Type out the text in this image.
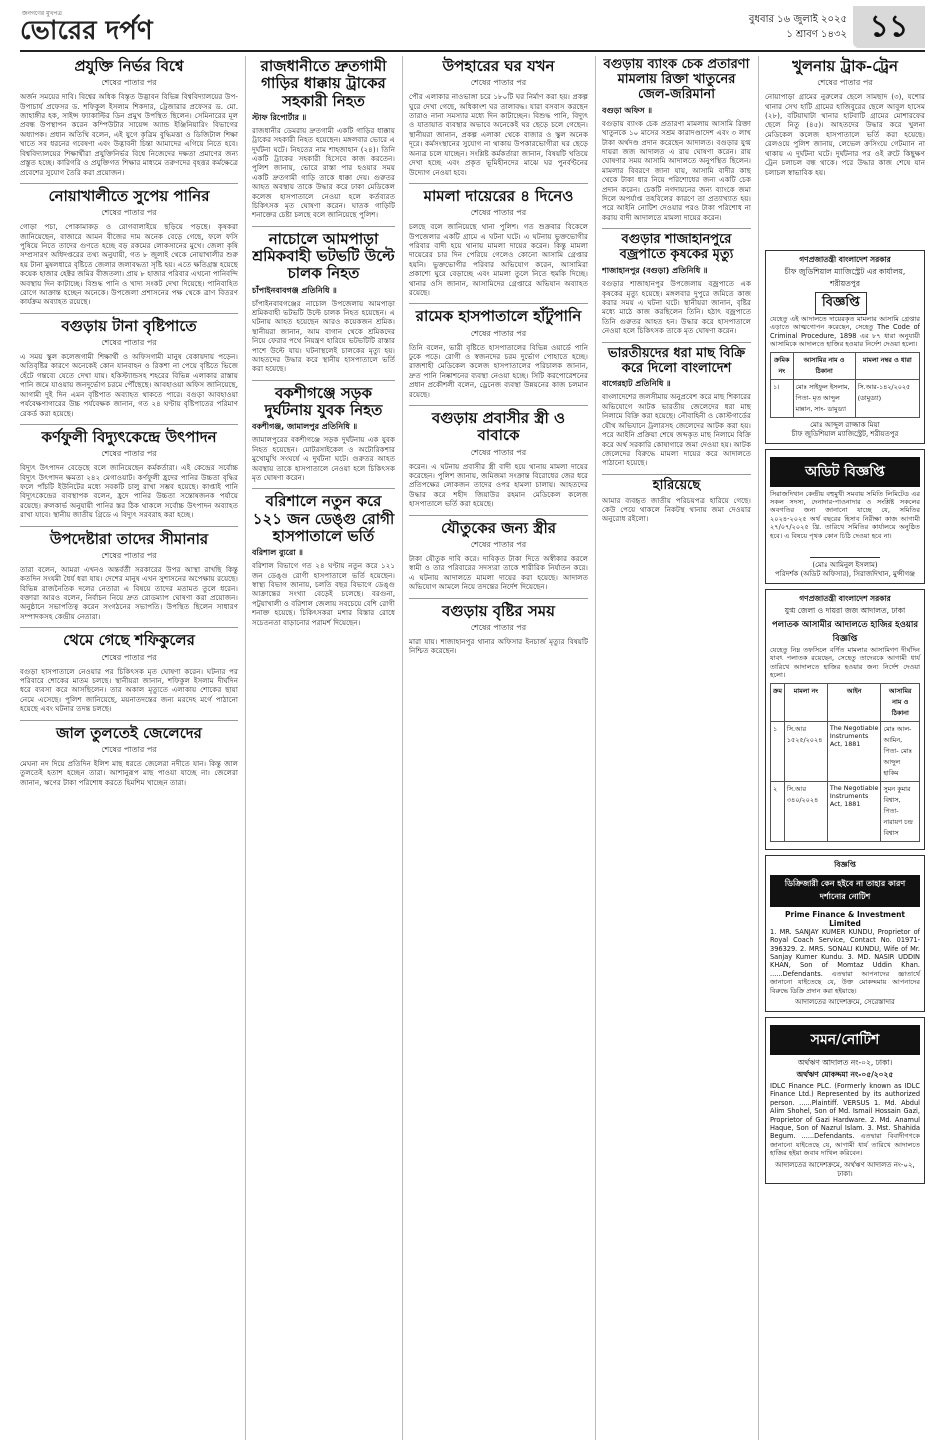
জনগণের মুখপত্র
ভোরের দর্পণ	বুধবার ১৬ জুলাই ২০২৫
১ শ্রাবণ ১৪৩২ ১১
প্রযুক্তি নির্ভর বিশ্বে
শেষের পাতার পর
অর্জন সময়ের দাবি। বিশ্বের অধিক বিস্তৃত উদ্ভাবন বিভিন্ন বিশ্ববিদ্যালয়ের উপ-উপাচার্য প্রফেসর ড. শফিকুল ইসলাম শিকদার, ট্রেজারার প্রফেসর ড. মো. জাহাঙ্গীর হক, সাইন্স ফ্যাকাল্টির ডিন প্রমুখ উপস্থিত ছিলেন। সেমিনারের মূল প্রবন্ধ উপস্থাপন করেন কম্পিউটার সায়েন্স অ্যান্ড ইঞ্জিনিয়ারিং বিভাগের অধ্যাপক। প্রধান অতিথি বলেন, এই যুগে কৃত্রিম বুদ্ধিমত্তা ও ডিজিটাল শিক্ষা খাতে সব ধরনের গবেষণা এবং উদ্ভাবনী চিন্তা আমাদের এগিয়ে নিতে হবে। বিশ্ববিদ্যালয়ের শিক্ষার্থীরা প্রযুক্তিনির্ভর বিশ্বে নিজেদের দক্ষতা প্রমাণের জন্য প্রস্তুত হচ্ছে। কারিগরি ও প্রযুক্তিগত শিক্ষার মাধ্যমে তরুণদের বৃহত্তর কর্মক্ষেত্রে প্রবেশের সুযোগ তৈরি করা প্রয়োজন।
নোয়াখালীতে সুপেয় পানির
শেষের পাতার পর
গোড়া পচা, পোকামাকড় ও রোগবালাইয়ে ছড়িয়ে পড়ছে। কৃষকরা জানিয়েছেন, বাজারে আমন বীজের দাম অনেক বেড়ে গেছে, ফলে ফসি পুষিয়ে নিতে তাদের গুণতে হচ্ছে বড় রকমের লোকসানের মুখে। জেলা কৃষি সম্প্রসারণ অধিদপ্তরের তথ্য অনুযায়ী, গত ৮ জুলাই থেকে নোয়াখালীর শুরু হয় টানা মুষলধারে বৃষ্টিতে জেলার জলাবদ্ধতা সৃষ্টি হয়। এতে ক্ষতিগ্রস্ত হয়েছে কয়েক হাজার হেক্টর জমির বীজতলা। প্রায় ৮ হাজার পরিবার এখনো পানিবন্দি অবস্থায় দিন কাটাচ্ছে। বিশুদ্ধ পানি ও খাদ্য সংকট দেখা দিয়েছে। পানিবাহিত রোগে আক্রান্ত হচ্ছেন অনেকে। উপজেলা প্রশাসনের পক্ষ থেকে ত্রাণ বিতরণ কার্যক্রম অব্যাহত রয়েছে।
বগুড়ায় টানা বৃষ্টিপাতে
শেষের পাতার পর
এ সময় স্কুল কলেজগামী শিক্ষার্থী ও অফিসগামী মানুষ বেকায়দায় পড়েন। অতিবৃষ্টির কারণে অনেকেই কোন যানবাহন ও রিকশা না পেয়ে বৃষ্টিতে ভিজে হেঁটে গন্তব্যে যেতে দেখা যায়। হকিস্ট্যান্ডসহ শহরের বিভিন্ন এলাকার রাস্তায় পানি জমে যাওয়ায় জনদুর্ভোগ চরমে পৌঁছেছে। আবহাওয়া অফিস জানিয়েছে, আগামী দুই দিন এমন বৃষ্টিপাত অব্যাহত থাকতে পারে। বগুড়া আবহাওয়া পর্যবেক্ষণাগারের উচ্চ পর্যবেক্ষক জানান, গত ২৪ ঘণ্টায় বৃষ্টিপাতের পরিমাণ রেকর্ড করা হয়েছে।
কর্ণফুলী বিদ্যুৎকেন্দ্রে উৎপাদন
শেষের পাতার পর
বিদ্যুৎ উৎপাদন বেড়েছে বলে জানিয়েছেন কর্মকর্তারা। এই কেন্দ্রের সর্বোচ্চ বিদ্যুৎ উৎপাদন ক্ষমতা ২৪২ মেগাওয়াট। কর্ণফুলী হ্রদের পানির উচ্চতা বৃদ্ধির ফলে পাঁচটি ইউনিটের মধ্যে সবকটি চালু রাখা সম্ভব হয়েছে। কাপ্তাই পানি বিদ্যুৎকেন্দ্রের ব্যবস্থাপক বলেন, হ্রদে পানির উচ্চতা সন্তোষজনক পর্যায়ে রয়েছে। রুলকার্ভ অনুযায়ী পানির স্তর ঠিক থাকলে সর্বোচ্চ উৎপাদন অব্যাহত রাখা যাবে। স্থানীয় জাতীয় গ্রিডে এ বিদ্যুৎ সরবরাহ করা হচ্ছে।
উপদেষ্টারা তাদের সীমানার
শেষের পাতার পর
তারা বলেন, আমরা এখনও অন্তর্বর্তী সরকারের উপর আস্থা রাখছি কিন্তু কতদিন সংযমী ধৈর্য ধরা যায়। দেশের মানুষ এখন সুশাসনের অপেক্ষায় রয়েছে। বিভিন্ন রাজনৈতিক দলের নেতারা এ বিষয়ে তাদের মতামত তুলে ধরেন। বক্তারা আরও বলেন, নির্বাচন নিয়ে দ্রুত রোডম্যাপ ঘোষণা করা প্রয়োজন। অনুষ্ঠানে সভাপতিত্ব করেন সংগঠনের সভাপতি। উপস্থিত ছিলেন সাধারণ সম্পাদকসহ কেন্দ্রীয় নেতারা।
থেমে গেছে শফিকুলের
শেষের পাতার পর
বগুড়া হাসপাতালে নেওয়ার পর চিকিৎসক মৃত ঘোষণা করেন। ঘটনার পর পরিবারে শোকের মাতম চলছে। স্থানীয়রা জানান, শফিকুল ইসলাম দীর্ঘদিন ধরে ব্যবসা করে আসছিলেন। তার অকাল মৃত্যুতে এলাকায় শোকের ছায়া নেমে এসেছে। পুলিশ জানিয়েছে, ময়নাতদন্তের জন্য মরদেহ মর্গে পাঠানো হয়েছে এবং ঘটনার তদন্ত চলছে।
জাল তুলতেই জেলেদের
শেষের পাতার পর
মেঘনা নদ দিয়ে প্রতিদিন ইলিশ মাছ ধরতে জেলেরা নদীতে যান। কিন্তু জাল তুলতেই হতাশ হচ্ছেন তারা। আশানুরূপ মাছ পাওয়া যাচ্ছে না। জেলেরা জানান, ঋণের টাকা পরিশোধ করতে হিমশিম খাচ্ছেন তারা।
রাজধানীতে দ্রুতগামী গাড়ির ধাক্কায় ট্রাকের সহকারী নিহত
স্টাফ রিপোর্টার ॥
রাজধানীর ডেমরায় দ্রুতগামী একটি গাড়ির ধাক্কায় ট্রাকের সহকারী নিহত হয়েছেন। মঙ্গলবার ভোরে এ দুর্ঘটনা ঘটে। নিহতের নাম শাহজাহান (২৪)। তিনি একটি ট্রাকের সহকারী হিসেবে কাজ করতেন। পুলিশ জানায়, ভোরে রাস্তা পার হওয়ার সময় একটি দ্রুতগামী গাড়ি তাকে ধাক্কা দেয়। গুরুতর আহত অবস্থায় তাকে উদ্ধার করে ঢাকা মেডিকেল কলেজ হাসপাতালে নেওয়া হলে কর্তব্যরত চিকিৎসক মৃত ঘোষণা করেন। ঘাতক গাড়িটি শনাক্তের চেষ্টা চলছে বলে জানিয়েছে পুলিশ।
নাচোলে আমপাড়া শ্রমিকবাহী ভটভটি উল্টে চালক নিহত
চাঁপাইনবাবগঞ্জ প্রতিনিধি ॥
চাঁপাইনবাবগঞ্জের নাচোল উপজেলায় আমপাড়া শ্রমিকবাহী ভটভটি উল্টে চালক নিহত হয়েছেন। এ ঘটনায় আহত হয়েছেন আরও কয়েকজন শ্রমিক। স্থানীয়রা জানান, আম বাগান থেকে শ্রমিকদের নিয়ে ফেরার পথে নিয়ন্ত্রণ হারিয়ে ভটভটিটি রাস্তার পাশে উল্টে যায়। ঘটনাস্থলেই চালকের মৃত্যু হয়। আহতদের উদ্ধার করে স্থানীয় হাসপাতালে ভর্তি করা হয়েছে।
বকশীগঞ্জে সড়ক দুর্ঘটনায় যুবক নিহত
বকশীগঞ্জ, জামালপুর প্রতিনিধি ॥
জামালপুরের বকশীগঞ্জে সড়ক দুর্ঘটনায় এক যুবক নিহত হয়েছেন। মোটরসাইকেল ও অটোরিকশার মুখোমুখি সংঘর্ষে এ দুর্ঘটনা ঘটে। গুরুতর আহত অবস্থায় তাকে হাসপাতালে নেওয়া হলে চিকিৎসক মৃত ঘোষণা করেন।
বরিশালে নতুন করে ১২১ জন ডেঙ্গু রোগী হাসপাতালে ভর্তি
বরিশাল ব্যুরো ॥
বরিশাল বিভাগে গত ২৪ ঘণ্টায় নতুন করে ১২১ জন ডেঙ্গু রোগী হাসপাতালে ভর্তি হয়েছেন। স্বাস্থ্য বিভাগ জানায়, চলতি বছর বিভাগে ডেঙ্গু আক্রান্তের সংখ্যা বেড়েই চলেছে। বরগুনা, পটুয়াখালী ও বরিশাল জেলায় সবচেয়ে বেশি রোগী শনাক্ত হয়েছে। চিকিৎসকরা মশার বিস্তার রোধে সচেতনতা বাড়ানোর পরামর্শ দিয়েছেন।
উপহারের ঘর যখন
শেষের পাতার পর
পৌর এলাকার নাওভাঙ্গা চরে ১৮০টি ঘর নির্মাণ করা হয়। প্রকল্প ঘুরে দেখা গেছে, অধিকাংশ ঘর তালাবদ্ধ। যারা বসবাস করছেন তারাও নানা সমস্যার মধ্যে দিন কাটাচ্ছেন। বিশুদ্ধ পানি, বিদ্যুৎ ও যাতায়াত ব্যবস্থার অভাবে অনেকেই ঘর ছেড়ে চলে গেছেন। স্থানীয়রা জানান, প্রকল্প এলাকা থেকে বাজার ও স্কুল অনেক দূরে। কর্মসংস্থানের সুযোগ না থাকায় উপকারভোগীরা ঘর ছেড়ে অন্যত্র চলে যাচ্ছেন। সংশ্লিষ্ট কর্মকর্তারা জানান, বিষয়টি খতিয়ে দেখা হচ্ছে এবং প্রকৃত ভূমিহীনদের মাঝে ঘর পুনর্বণ্টনের উদ্যোগ নেওয়া হবে।
মামলা দায়েরের ৪ দিনেও
শেষের পাতার পর
চলছে বলে জানিয়েছে থানা পুলিশ। গত শুক্রবার বিকেলে উপজেলার একটি গ্রামে এ ঘটনা ঘটে। এ ঘটনায় ভুক্তভোগীর পরিবার বাদী হয়ে থানায় মামলা দায়ের করেন। কিন্তু মামলা দায়েরের চার দিন পেরিয়ে গেলেও কোনো আসামি গ্রেপ্তার হয়নি। ভুক্তভোগীর পরিবার অভিযোগ করেন, আসামিরা প্রকাশ্যে ঘুরে বেড়াচ্ছে এবং মামলা তুলে নিতে হুমকি দিচ্ছে। থানার ওসি জানান, আসামিদের গ্রেপ্তারে অভিযান অব্যাহত রয়েছে।
রামেক হাসপাতালে হাঁটুপানি
শেষের পাতার পর
তিনি বলেন, ভারী বৃষ্টিতে হাসপাতালের বিভিন্ন ওয়ার্ডে পানি ঢুকে পড়ে। রোগী ও স্বজনদের চরম দুর্ভোগ পোহাতে হচ্ছে। রাজশাহী মেডিকেল কলেজ হাসপাতালের পরিচালক জানান, দ্রুত পানি নিষ্কাশনের ব্যবস্থা নেওয়া হচ্ছে। সিটি করপোরেশনের প্রধান প্রকৌশলী বলেন, ড্রেনেজ ব্যবস্থা উন্নয়নের কাজ চলমান রয়েছে।
বগুড়ায় প্রবাসীর স্ত্রী ও বাবাকে
শেষের পাতার পর
করেন। এ ঘটনায় প্রবাসীর স্ত্রী বাদী হয়ে থানায় মামলা দায়ের করেছেন। পুলিশ জানায়, জমিজমা সংক্রান্ত বিরোধের জের ধরে প্রতিপক্ষের লোকজন তাদের ওপর হামলা চালায়। আহতদের উদ্ধার করে শহীদ জিয়াউর রহমান মেডিকেল কলেজ হাসপাতালে ভর্তি করা হয়েছে।
যৌতুকের জন্য স্ত্রীর
শেষের পাতার পর
টাকা যৌতুক দাবি করে। দাবিকৃত টাকা দিতে অস্বীকার করলে স্বামী ও তার পরিবারের সদস্যরা তাকে শারীরিক নির্যাতন করে। এ ঘটনায় আদালতে মামলা দায়ের করা হয়েছে। আদালত অভিযোগ আমলে নিয়ে তদন্তের নির্দেশ দিয়েছেন।
বগুড়ায় বৃষ্টির সময়
শেষের পাতার পর
মারা যায়। শাজাহানপুর থানার অফিসার ইনচার্জ মৃত্যুর বিষয়টি নিশ্চিত করেছেন।
বগুড়ায় ব্যাংক চেক প্রতারণা মামলায় রিক্তা খাতুনের জেল-জরিমানা
বগুড়া অফিস ॥
বগুড়ায় ব্যাংক চেক প্রতারণা মামলায় আসামি রিক্তা খাতুনকে ১০ মাসের সশ্রম কারাদণ্ডাদেশ এবং ৩ লাখ টাকা অর্থদণ্ড প্রদান করেছেন আদালত। বগুড়ার যুগ্ম দায়রা জজ আদালত এ রায় ঘোষণা করেন। রায় ঘোষণার সময় আসামি আদালতে অনুপস্থিত ছিলেন। মামলার বিবরণে জানা যায়, আসামি বাদীর কাছ থেকে টাকা ধার নিয়ে পরিশোধের জন্য একটি চেক প্রদান করেন। চেকটি নগদায়নের জন্য ব্যাংকে জমা দিলে অপর্যাপ্ত তহবিলের কারণে তা প্রত্যাখ্যাত হয়। পরে আইনি নোটিশ দেওয়ার পরও টাকা পরিশোধ না করায় বাদী আদালতে মামলা দায়ের করেন।
বগুড়ার শাজাহানপুরে বজ্রপাতে কৃষকের মৃত্যু
শাজাহানপুর (বগুড়া) প্রতিনিধি ॥
বগুড়ার শাজাহানপুর উপজেলায় বজ্রপাতে এক কৃষকের মৃত্যু হয়েছে। মঙ্গলবার দুপুরে জমিতে কাজ করার সময় এ ঘটনা ঘটে। স্থানীয়রা জানান, বৃষ্টির মধ্যে মাঠে কাজ করছিলেন তিনি। হঠাৎ বজ্রপাতে তিনি গুরুতর আহত হন। উদ্ধার করে হাসপাতালে নেওয়া হলে চিকিৎসক তাকে মৃত ঘোষণা করেন।
ভারতীয়দের ধরা মাছ বিক্রি করে দিলো বাংলাদেশ
বাগেরহাট প্রতিনিধি ॥
বাংলাদেশের জলসীমায় অনুপ্রবেশ করে মাছ শিকারের অভিযোগে আটক ভারতীয় জেলেদের ধরা মাছ নিলামে বিক্রি করা হয়েছে। নৌবাহিনী ও কোস্টগার্ডের যৌথ অভিযানে ট্রলারসহ জেলেদের আটক করা হয়। পরে আইনি প্রক্রিয়া শেষে জব্দকৃত মাছ নিলামে বিক্রি করে অর্থ সরকারি কোষাগারে জমা দেওয়া হয়। আটক জেলেদের বিরুদ্ধে মামলা দায়ের করে আদালতে পাঠানো হয়েছে।
হারিয়েছে
আমার ব্যবহৃত জাতীয় পরিচয়পত্র হারিয়ে গেছে। কেউ পেয়ে থাকলে নিকটস্থ থানায় জমা দেওয়ার অনুরোধ রইলো।
খুলনায় ট্রাক-ট্রেন
শেষের পাতার পর
নোয়াপাড়া গ্রামের নুরুলের ছেলে সামছাদ (৩), যশোর থানার সেখ হাটি গ্রামের হাজিবুরের ছেলে আবুল হাসেম (২৮), বটিয়াঘাটা থানার হাটবাটি গ্রামের মোশারফের ছেলে নিতু (৪৫)। আহতদের উদ্ধার করে খুলনা মেডিকেল কলেজ হাসপাতালে ভর্তি করা হয়েছে। রেলওয়ে পুলিশ জানায়, লেভেল ক্রসিংয়ে গেটম্যান না থাকায় এ দুর্ঘটনা ঘটে। দুর্ঘটনার পর ওই রুটে কিছুক্ষণ ট্রেন চলাচল বন্ধ থাকে। পরে উদ্ধার কাজ শেষে যান চলাচল স্বাভাবিক হয়।
গণপ্রজাতন্ত্রী বাংলাদেশ সরকার
চীফ জুডিশিয়াল ম্যাজিস্ট্রেট এর কার্যালয়, শরীয়তপুর
বিজ্ঞপ্তি
যেহেতু এই আদালতে দায়েরকৃত মামলার আসামি গ্রেপ্তার এড়াতে আত্মগোপন করেছেন, সেহেতু The Code of Criminal Procedure, 1898 এর ৮৭ ধারা অনুযায়ী আসামিকে আদালতে হাজির হওয়ার নির্দেশ দেওয়া হলো।
ক্রমিক নং	আসামির নাম ও ঠিকানা	মামলা নম্বর ও ধারা
১।	মোঃ সাইফুল ইসলাম, পিতা- মৃত আব্দুল মান্নান, সাং- ডামুড্যা	সি.আর-১৪২/২০২৫ (ডামুড্যা)
মোঃ আব্দুল রাজ্জাক মিয়া
চীফ জুডিশিয়াল ম্যাজিস্ট্রেট, শরীয়তপুর
অডিট বিজ্ঞপ্তি
সিরাজদিখান কেন্দ্রীয় বহুমুখী সমবায় সমিতি লিমিটেড এর সকল সদস্য, দেনাদার-পাওনাদার ও সংশ্লিষ্ট সকলের অবগতির জন্য জানানো যাচ্ছে যে, সমিতির ২০২৪-২০২৫ অর্থ বছরের হিসাব নিরীক্ষা কাজ আগামী ২৭/০৭/২০২৫ খ্রি. তারিখে সমিতির কার্যালয়ে অনুষ্ঠিত হবে। এ বিষয়ে পৃথক কোন চিঠি দেওয়া হবে না।
(মোঃ আমিনুল ইসলাম)
পরিদর্শক (অডিট অফিসার), সিরাজদিখান, মুন্সীগঞ্জ
গণপ্রজাতন্ত্রী বাংলাদেশ সরকার
যুগ্ম জেলা ও দায়রা জজ আদালত, ঢাকা
পলাতক আসামীর আদালতে হাজির হওয়ার বিজ্ঞপ্তি
যেহেতু নিম্ন তফসিলে বর্ণিত মামলার আসামিগণ দীর্ঘদিন যাবৎ পলাতক রয়েছেন, সেহেতু তাদেরকে আগামী ধার্য তারিখে আদালতে হাজির হওয়ার জন্য নির্দেশ দেওয়া হলো।
ক্রম	মামলা নং	আইন	আসামির নাম ও ঠিকানা
১	সি.আর ১৫২৫/২০২৪	The Negotiable Instruments Act, 1881	মোঃ আল-আমিন, পিতা- মোঃ আব্দুল হাকিম
২	সি.আর ৩৪০/২০২৪	The Negotiable Instruments Act, 1881	সুমন কুমার বিশ্বাস, পিতা- নারায়ণ চন্দ্র বিশ্বাস
বিজ্ঞপ্তি
ডিক্রিজারী কেন হইবে না তাহার কারণ দর্শানোর নোটিশ
Prime Finance & Investment Limited
1. MR. SANJAY KUMER KUNDU, Proprietor of Royal Coach Service, Contact No. 01971-396329. 2. MRS. SONALI KUNDU, Wife of Mr. Sanjay Kumer Kundu. 3. MD. NASIR UDDIN KHAN, Son of Momtaz Uddin Khan. ......Defendants. এতদ্বারা আপনাদের জ্ঞাতার্থে জানানো যাইতেছে যে, উক্ত মোকদ্দমায় আপনাদের বিরুদ্ধে ডিক্রি প্রদান করা হইয়াছে।
আদালতের আদেশক্রমে, সেরেস্তাদার
সমন/নোটিশ
অর্থঋণ আদালত নং-০২, ঢাকা।
অর্থঋণ মোকদ্দমা নং-০৫/২০২৫
IDLC Finance PLC. (Formerly known as IDLC Finance Ltd.) Represented by its authorized person. ......Plaintiff. VERSUS 1. Md. Abdul Alim Shohel, Son of Md. Ismail Hossain Gazi, Proprietor of Gazi Hardware. 2. Md. Anamul Haque, Son of Nazrul Islam. 3. Mst. Shahida Begum. ......Defendants. এতদ্বারা বিবাদীগণকে জানানো যাইতেছে যে, আগামী ধার্য তারিখে আদালতে হাজির হইয়া জবাব দাখিল করিবেন।
আদালতের আদেশক্রমে, অর্থঋণ আদালত নং-০২, ঢাকা।
